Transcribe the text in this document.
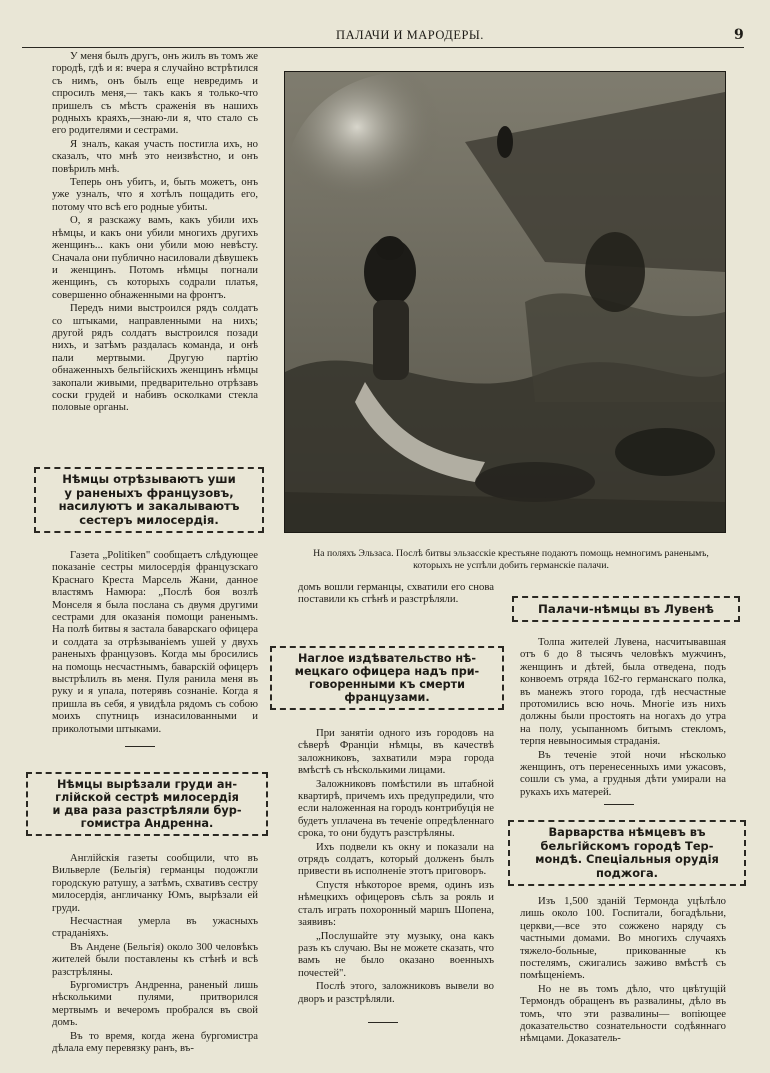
ПАЛАЧИ И МАРОДЕРЫ.	9

У меня былъ другъ, онъ жилъ въ томъ же городѣ, гдѣ и я: вчера я случайно встрѣтился съ нимъ, онъ былъ еще невредимъ и спросилъ меня,— такъ какъ я только-что пришелъ съ мѣстъ сраженія въ нашихъ родныхъ краяхъ,—знаю-ли я, что стало съ его родителями и сестрами.

Я зналъ, какая участь постигла ихъ, но сказалъ, что мнѣ это неизвѣстно, и онъ повѣрилъ мнѣ.

Теперь онъ убитъ, и, быть можетъ, онъ уже узналъ, что я хотѣлъ пощадить его, потому что всѣ его родные убиты.

О, я разскажу вамъ, какъ убили ихъ нѣмцы, и какъ они убили многихъ другихъ женщинъ... какъ они убили мою невѣсту. Сначала они публично насиловали дѣвушекъ и женщинъ. Потомъ нѣмцы погнали женщинъ, съ которыхъ содрали платья, совершенно обнаженными на фронтъ.

Передъ ними выстроился рядъ солдатъ со штыками, направленными на нихъ; другой рядъ солдатъ выстроился позади нихъ, и затѣмъ раздалась команда, и онѣ пали мертвыми. Другую партію обнаженныхъ бельгійскихъ женщинъ нѣмцы закопали живыми, предварительно отрѣзавъ соски грудей и набивъ осколками стекла половые органы.

Нѣмцы отрѣзываютъ уши
у раненыхъ французовъ,
насилуютъ и закалываютъ
сестеръ милосердія.

Газета „Politiken" сообщаетъ слѣдующее показаніе сестры милосердія французскаго Краснаго Креста Марсель Жани, данное властямъ Намюра: „Послѣ боя возлѣ Монселя я была послана съ двумя другими сестрами для оказанія помощи раненымъ. На полѣ битвы я застала баварскаго офицера и солдата за отрѣзываніемъ ушей у двухъ раненыхъ французовъ. Когда мы бросились на помощь несчастнымъ, баварскій офицеръ выстрѣлилъ въ меня. Пуля ранила меня въ руку и я упала, потерявъ сознаніе. Когда я пришла въ себя, я увидѣла рядомъ съ собою моихъ спутницъ изнасилованными и приколотыми штыками.

Нѣмцы вырѣзали груди ан-
глійской сестрѣ милосердія
и два раза разстрѣляли бур-
гомистра Андренна.

Англійскія газеты сообщили, что въ Вильверле (Бельгія) германцы подожгли городскую ратушу, а затѣмъ, схвативъ сестру милосердія, англичанку Юмъ, вырѣзали ей груди.

Несчастная умерла въ ужасныхъ страданіяхъ.

Въ Андене (Бельгія) около 300 человѣкъ жителей были поставлены къ стѣнѣ и всѣ разстрѣляны.

Бургомистръ Андренна, раненый лишь нѣсколькими пулями, притворился мертвымъ и вечеромъ пробрался въ свой домъ.

Въ то время, когда жена бургомистра дѣлала ему перевязку ранъ, въ-

На поляхъ Эльзаса. Послѣ битвы эльзасскіе крестьяне подаютъ помощь немногимъ раненымъ, которыхъ не успѣли добить германскіе палачи.

домъ вошли германцы, схватили его снова поставили къ стѣнѣ и разстрѣляли.

Наглое издѣвательство нѣ-
мецкаго офицера надъ при-
говоренными къ смерти
французами.

При занятіи одного изъ городовъ на сѣверѣ Франціи нѣмцы, въ качествѣ заложниковъ, захватили мэра города вмѣстѣ съ нѣсколькими лицами.

Заложниковъ помѣстили въ штабной квартирѣ, причемъ ихъ предупредили, что если наложенная на городъ контрибуція не будетъ уплачена въ теченіе опредѣленнаго срока, то они будутъ разстрѣляны.

Ихъ подвели къ окну и показали на отрядъ солдатъ, который долженъ былъ привести въ исполненіе этотъ приговоръ.

Спустя нѣкоторое время, одинъ изъ нѣмецкихъ офицеровъ сѣлъ за рояль и сталъ играть похоронный маршъ Шопена, заявивъ:

„Послушайте эту музыку, она какъ разъ къ случаю. Вы не можете сказать, что вамъ не было оказано военныхъ почестей".

Послѣ этого, заложниковъ вывели во дворъ и разстрѣляли.

Палачи-нѣмцы въ Лувенѣ

Толпа жителей Лувена, насчитывавшая отъ 6 до 8 тысячъ человѣкъ мужчинъ, женщинъ и дѣтей, была отведена, подъ конвоемъ отряда 162-го германскаго полка, въ манежъ этого города, гдѣ несчастные протомились всю ночь. Многіе изъ нихъ должны были простоять на ногахъ до утра на полу, усыпанномъ битымъ стекломъ, терпя невыносимыя страданія.

Въ теченіе этой ночи нѣсколько женщинъ, отъ перенесенныхъ ими ужасовъ, сошли съ ума, а грудныя дѣти умирали на рукахъ ихъ матерей.

Варварства нѣмцевъ въ
бельгійскомъ городѣ Тер-
мондѣ. Спеціальныя орудія
поджога.

Изъ 1,500 зданій Термонда уцѣлѣло лишь около 100. Госпитали, богадѣльни, церкви,—все это сожжено наряду съ частными домами. Во многихъ случаяхъ тяжело-больные, прикованные къ постелямъ, сжигались заживо вмѣстѣ съ помѣщеніемъ.

Но не въ томъ дѣло, что цвѣтущій Термондъ обращенъ въ развалины, дѣло въ томъ, что эти развалины— вопіющее доказательство сознательности содѣяннаго нѣмцами. Доказатель-
